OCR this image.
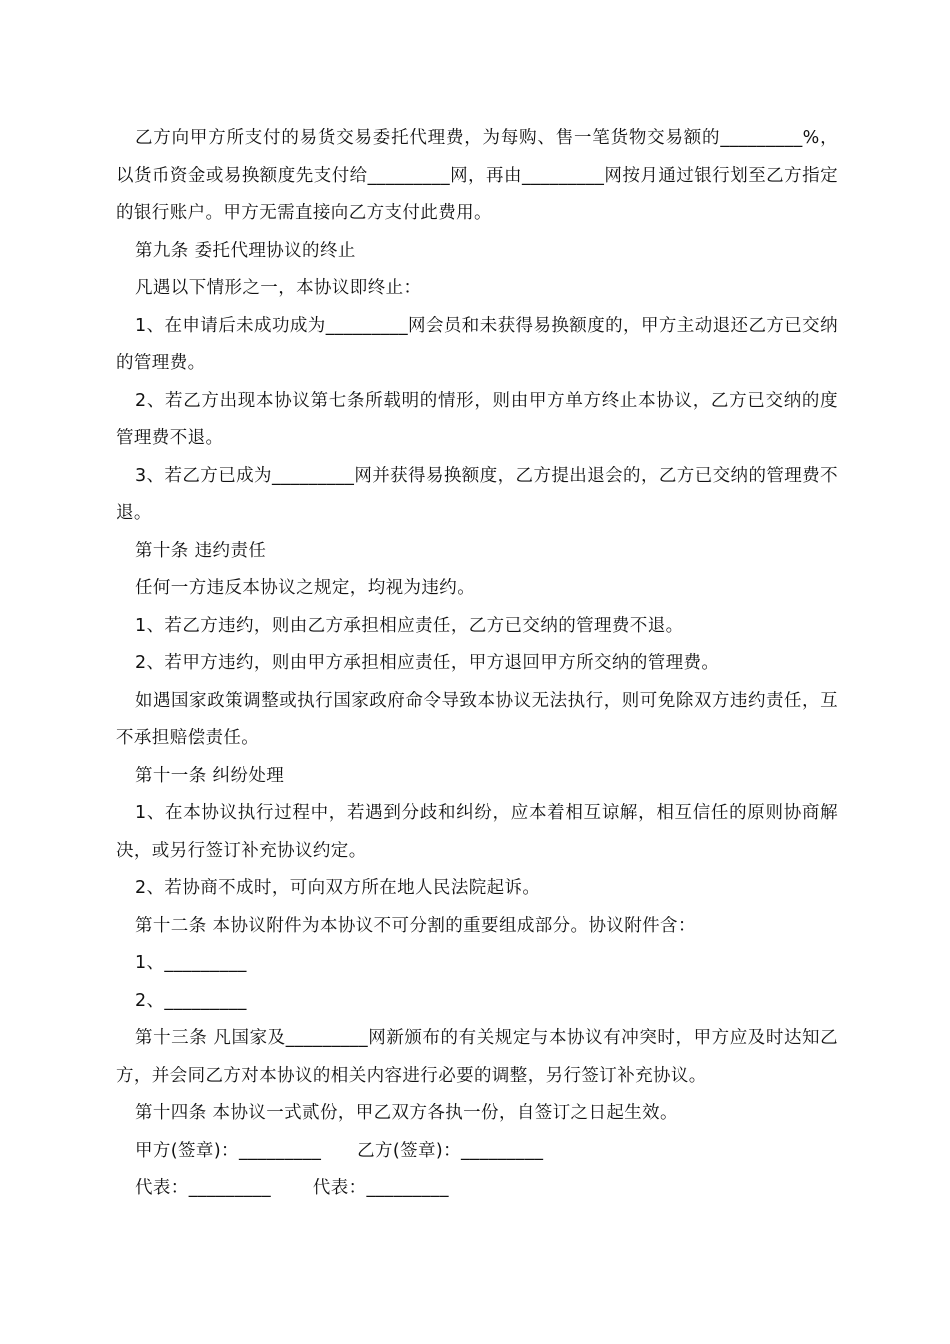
乙方向甲方所支付的易货交易委托代理费，为每购、售一笔货物交易额的_________%，以货币资金或易换额度先支付给_________网，再由_________网按月通过银行划至乙方指定的银行账户。甲方无需直接向乙方支付此费用。

第九条 委托代理协议的终止

凡遇以下情形之一，本协议即终止：

1、在申请后未成功成为_________网会员和未获得易换额度的，甲方主动退还乙方已交纳的管理费。

2、若乙方出现本协议第七条所载明的情形，则由甲方单方终止本协议，乙方已交纳的度管理费不退。

3、若乙方已成为_________网并获得易换额度，乙方提出退会的，乙方已交纳的管理费不退。

第十条 违约责任

任何一方违反本协议之规定，均视为违约。

1、若乙方违约，则由乙方承担相应责任，乙方已交纳的管理费不退。

2、若甲方违约，则由甲方承担相应责任，甲方退回甲方所交纳的管理费。

如遇国家政策调整或执行国家政府命令导致本协议无法执行，则可免除双方违约责任，互不承担赔偿责任。

第十一条 纠纷处理

1、在本协议执行过程中，若遇到分歧和纠纷，应本着相互谅解，相互信任的原则协商解决，或另行签订补充协议约定。

2、若协商不成时，可向双方所在地人民法院起诉。

第十二条 本协议附件为本协议不可分割的重要组成部分。协议附件含：

1、_________

2、_________

第十三条 凡国家及_________网新颁布的有关规定与本协议有冲突时，甲方应及时达知乙方，并会同乙方对本协议的相关内容进行必要的调整，另行签订补充协议。

第十四条 本协议一式贰份，甲乙双方各执一份，自签订之日起生效。

甲方(签章)：_________      乙方(签章)：_________

代表：_________       代表：_________
